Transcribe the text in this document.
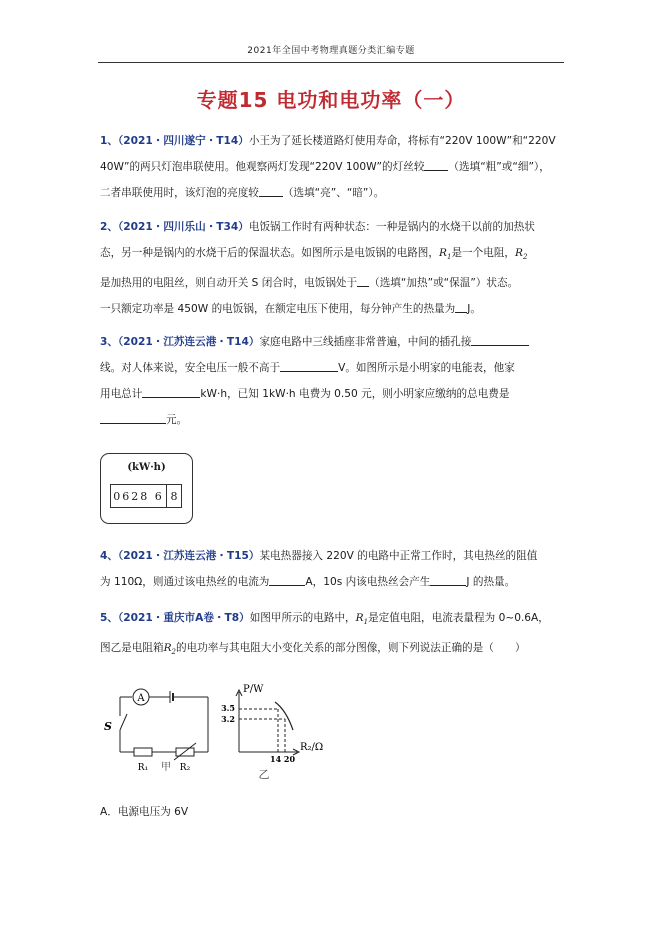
2021年全国中考物理真题分类汇编专题
专题15 电功和电功率（一）
1、（2021・四川遂宁・T14）小王为了延长楼道路灯使用寿命，将标有“220V 100W”和“220V
40W”的两只灯泡串联使用。他观察两灯发现“220V 100W”的灯丝较 （选填“粗”或“细”），
二者串联使用时，该灯泡的亮度较 （选填“亮”、“暗”）。
2、（2021・四川乐山・T34）电饭锅工作时有两种状态：一种是锅内的水烧干以前的加热状
态，另一种是锅内的水烧干后的保温状态。如图所示是电饭锅的电路图，$R_1$是一个电阻，$R_2$
是加热用的电阻丝，则自动开关 S 闭合时，电饭锅处于 （选填“加热”或“保温”）状态。
一只额定功率是 450W 的电饭锅，在额定电压下使用，每分钟产生的热量为 J。
3、（2021・江苏连云港・T14）家庭电路中三线插座非常普遍，中间的插孔接
线。对人体来说，安全电压一般不高于	V。如图所示是小明家的电能表，他家
用电总计	kW·h，已知 1kW·h 电费为 0.50 元，则小明家应缴纳的总电费是
元。
(kW·h)
0628 6 8
4、（2021・江苏连云港・T15）某电热器接入 220V 的电路中正常工作时，其电热丝的阻值
为 110Ω，则通过该电热丝的电流为	A，10s 内该电热丝会产生	J 的热量。
5、（2021・重庆市A卷・T8）如图甲所示的电路中，$R_1$是定值电阻，电流表量程为 0~0.6A，
图乙是电阻箱$R_2$的电功率与其电阻大小变化关系的部分图像，则下列说法正确的是（　　）
A
S
R₁	R₂
甲
P/W
R₂/Ω
3.5
3.2
14 20
乙
A．电源电压为 6V
